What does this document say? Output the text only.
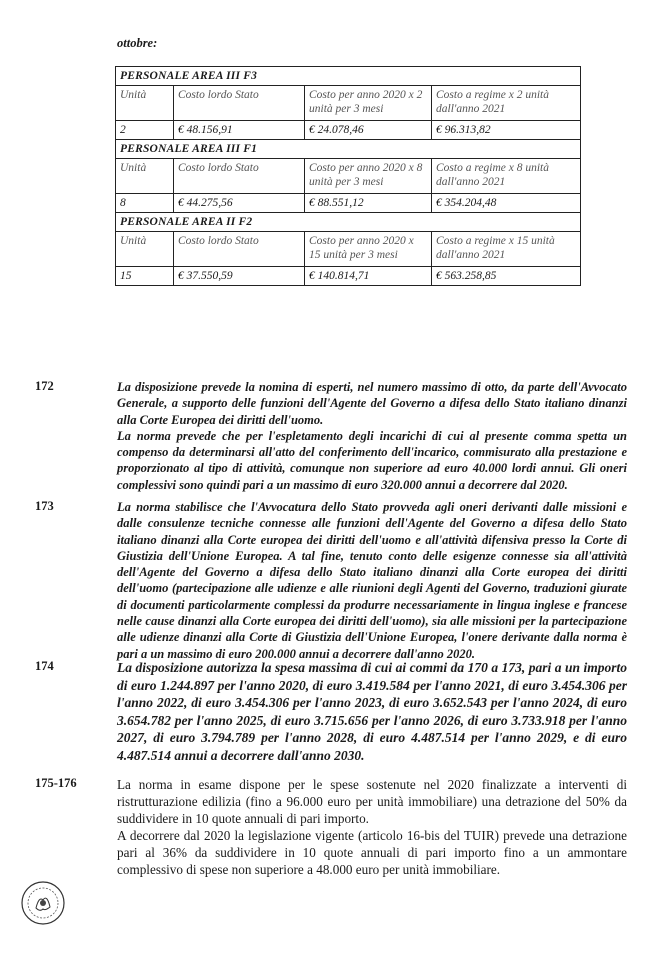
ottobre:
PERSONALE AREA III F3			
Unità	Costo lordo Stato	Costo per anno 2020 x 2 unità per 3 mesi	Costo a regime x 2 unità dall'anno 2021
2	€ 48.156,91	€ 24.078,46	€ 96.313,82
PERSONALE AREA III F1			
Unità	Costo lordo Stato	Costo per anno 2020 x 8 unità per 3 mesi	Costo a regime x 8 unità dall'anno 2021
8	€ 44.275,56	€ 88.551,12	€ 354.204,48
PERSONALE AREA II F2			
Unità	Costo lordo Stato	Costo per anno 2020 x 15 unità per 3 mesi	Costo a regime x 15 unità dall'anno 2021
15	€ 37.550,59	€ 140.814,71	€ 563.258,85
172	La disposizione prevede la nomina di esperti, nel numero massimo di otto, da parte dell'Avvocato Generale, a supporto delle funzioni dell'Agente del Governo a difesa dello Stato italiano dinanzi alla Corte Europea dei diritti dell'uomo.

La norma prevede che per l'espletamento degli incarichi di cui al presente comma spetta un compenso da determinarsi all'atto del conferimento dell'incarico, commisurato alla prestazione e proporzionato al tipo di attività, comunque non superiore ad euro 40.000 lordi annui. Gli oneri complessivi sono quindi pari a un massimo di euro 320.000 annui a decorrere dal 2020.

173	La norma stabilisce che l'Avvocatura dello Stato provveda agli oneri derivanti dalle missioni e dalle consulenze tecniche connesse alle funzioni dell'Agente del Governo a difesa dello Stato italiano dinanzi alla Corte europea dei diritti dell'uomo e all'attività difensiva presso la Corte di Giustizia dell'Unione Europea. A tal fine, tenuto conto delle esigenze connesse sia all'attività dell'Agente del Governo a difesa dello Stato italiano dinanzi alla Corte europea dei diritti dell'uomo (partecipazione alle udienze e alle riunioni degli Agenti del Governo, traduzioni giurate di documenti particolarmente complessi da produrre necessariamente in lingua inglese e francese nelle cause dinanzi alla Corte europea dei diritti dell'uomo), sia alle missioni per la partecipazione alle udienze dinanzi alla Corte di Giustizia dell'Unione Europea, l'onere derivante dalla norma è pari a un massimo di euro 200.000 annui a decorrere dall'anno 2020.

174	La disposizione autorizza la spesa massima di cui ai commi da 170 a 173, pari a un importo di euro 1.244.897 per l'anno 2020, di euro 3.419.584 per l'anno 2021, di euro 3.454.306 per l'anno 2022, di euro 3.454.306 per l'anno 2023, di euro 3.652.543 per l'anno 2024, di euro 3.654.782 per l'anno 2025, di euro 3.715.656 per l'anno 2026, di euro 3.733.918 per l'anno 2027, di euro 3.794.789 per l'anno 2028, di euro 4.487.514 per l'anno 2029, e di euro 4.487.514 annui a decorrere dall'anno 2030.

175-176	La norma in esame dispone per le spese sostenute nel 2020 finalizzate a interventi di ristrutturazione edilizia (fino a 96.000 euro per unità immobiliare) una detrazione del 50% da suddividere in 10 quote annuali di pari importo.

A decorrere dal 2020 la legislazione vigente (articolo 16-bis del TUIR) prevede una detrazione pari al 36% da suddividere in 10 quote annuali di pari importo fino a un ammontare complessivo di spese non superiore a 48.000 euro per unità immobiliare.
